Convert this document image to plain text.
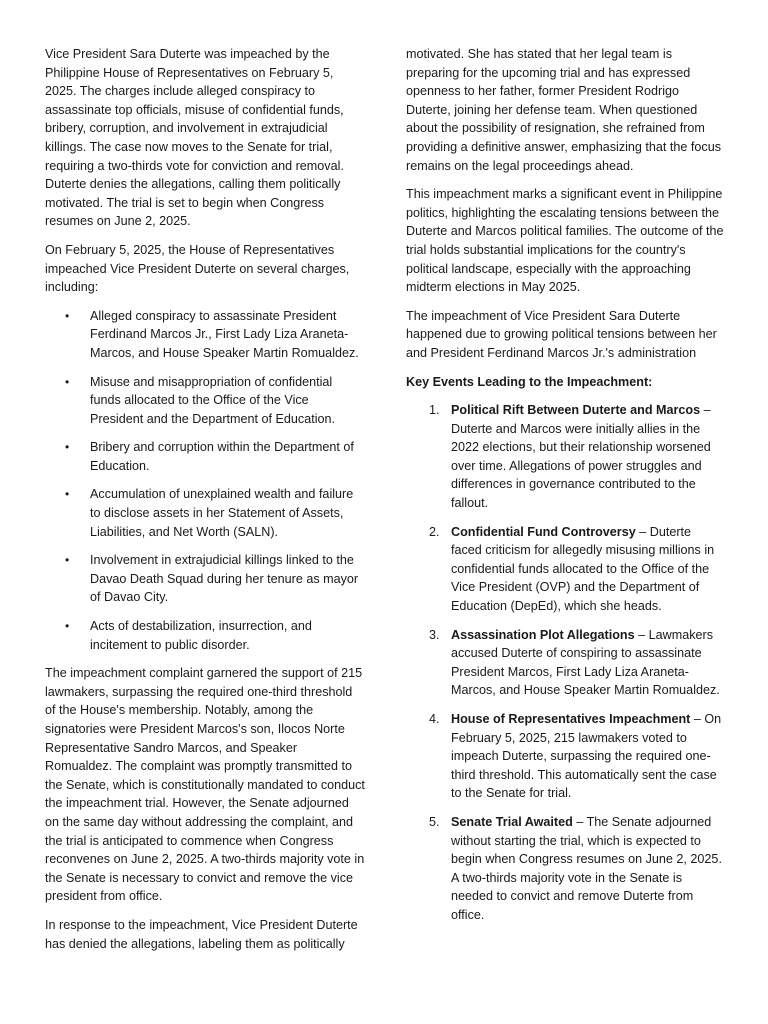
Vice President Sara Duterte was impeached by the Philippine House of Representatives on February 5, 2025. The charges include alleged conspiracy to assassinate top officials, misuse of confidential funds, bribery, corruption, and involvement in extrajudicial killings. The case now moves to the Senate for trial, requiring a two-thirds vote for conviction and removal. Duterte denies the allegations, calling them politically motivated. The trial is set to begin when Congress resumes on June 2, 2025.

On February 5, 2025, the House of Representatives impeached Vice President Duterte on several charges, including:

• Alleged conspiracy to assassinate President Ferdinand Marcos Jr., First Lady Liza Araneta-Marcos, and House Speaker Martin Romualdez.
• Misuse and misappropriation of confidential funds allocated to the Office of the Vice President and the Department of Education.
• Bribery and corruption within the Department of Education.
• Accumulation of unexplained wealth and failure to disclose assets in her Statement of Assets, Liabilities, and Net Worth (SALN).
• Involvement in extrajudicial killings linked to the Davao Death Squad during her tenure as mayor of Davao City.
• Acts of destabilization, insurrection, and incitement to public disorder.

The impeachment complaint garnered the support of 215 lawmakers, surpassing the required one-third threshold of the House's membership. Notably, among the signatories were President Marcos's son, Ilocos Norte Representative Sandro Marcos, and Speaker Romualdez. The complaint was promptly transmitted to the Senate, which is constitutionally mandated to conduct the impeachment trial. However, the Senate adjourned on the same day without addressing the complaint, and the trial is anticipated to commence when Congress reconvenes on June 2, 2025. A two-thirds majority vote in the Senate is necessary to convict and remove the vice president from office.

In response to the impeachment, Vice President Duterte has denied the allegations, labeling them as politically

motivated. She has stated that her legal team is preparing for the upcoming trial and has expressed openness to her father, former President Rodrigo Duterte, joining her defense team. When questioned about the possibility of resignation, she refrained from providing a definitive answer, emphasizing that the focus remains on the legal proceedings ahead.

This impeachment marks a significant event in Philippine politics, highlighting the escalating tensions between the Duterte and Marcos political families. The outcome of the trial holds substantial implications for the country's political landscape, especially with the approaching midterm elections in May 2025.

The impeachment of Vice President Sara Duterte happened due to growing political tensions between her and President Ferdinand Marcos Jr.'s administration

Key Events Leading to the Impeachment:
1. Political Rift Between Duterte and Marcos – Duterte and Marcos were initially allies in the 2022 elections, but their relationship worsened over time. Allegations of power struggles and differences in governance contributed to the fallout.
2. Confidential Fund Controversy – Duterte faced criticism for allegedly misusing millions in confidential funds allocated to the Office of the Vice President (OVP) and the Department of Education (DepEd), which she heads.
3. Assassination Plot Allegations – Lawmakers accused Duterte of conspiring to assassinate President Marcos, First Lady Liza Araneta-Marcos, and House Speaker Martin Romualdez.
4. House of Representatives Impeachment – On February 5, 2025, 215 lawmakers voted to impeach Duterte, surpassing the required one-third threshold. This automatically sent the case to the Senate for trial.
5. Senate Trial Awaited – The Senate adjourned without starting the trial, which is expected to begin when Congress resumes on June 2, 2025. A two-thirds majority vote in the Senate is needed to convict and remove Duterte from office.
